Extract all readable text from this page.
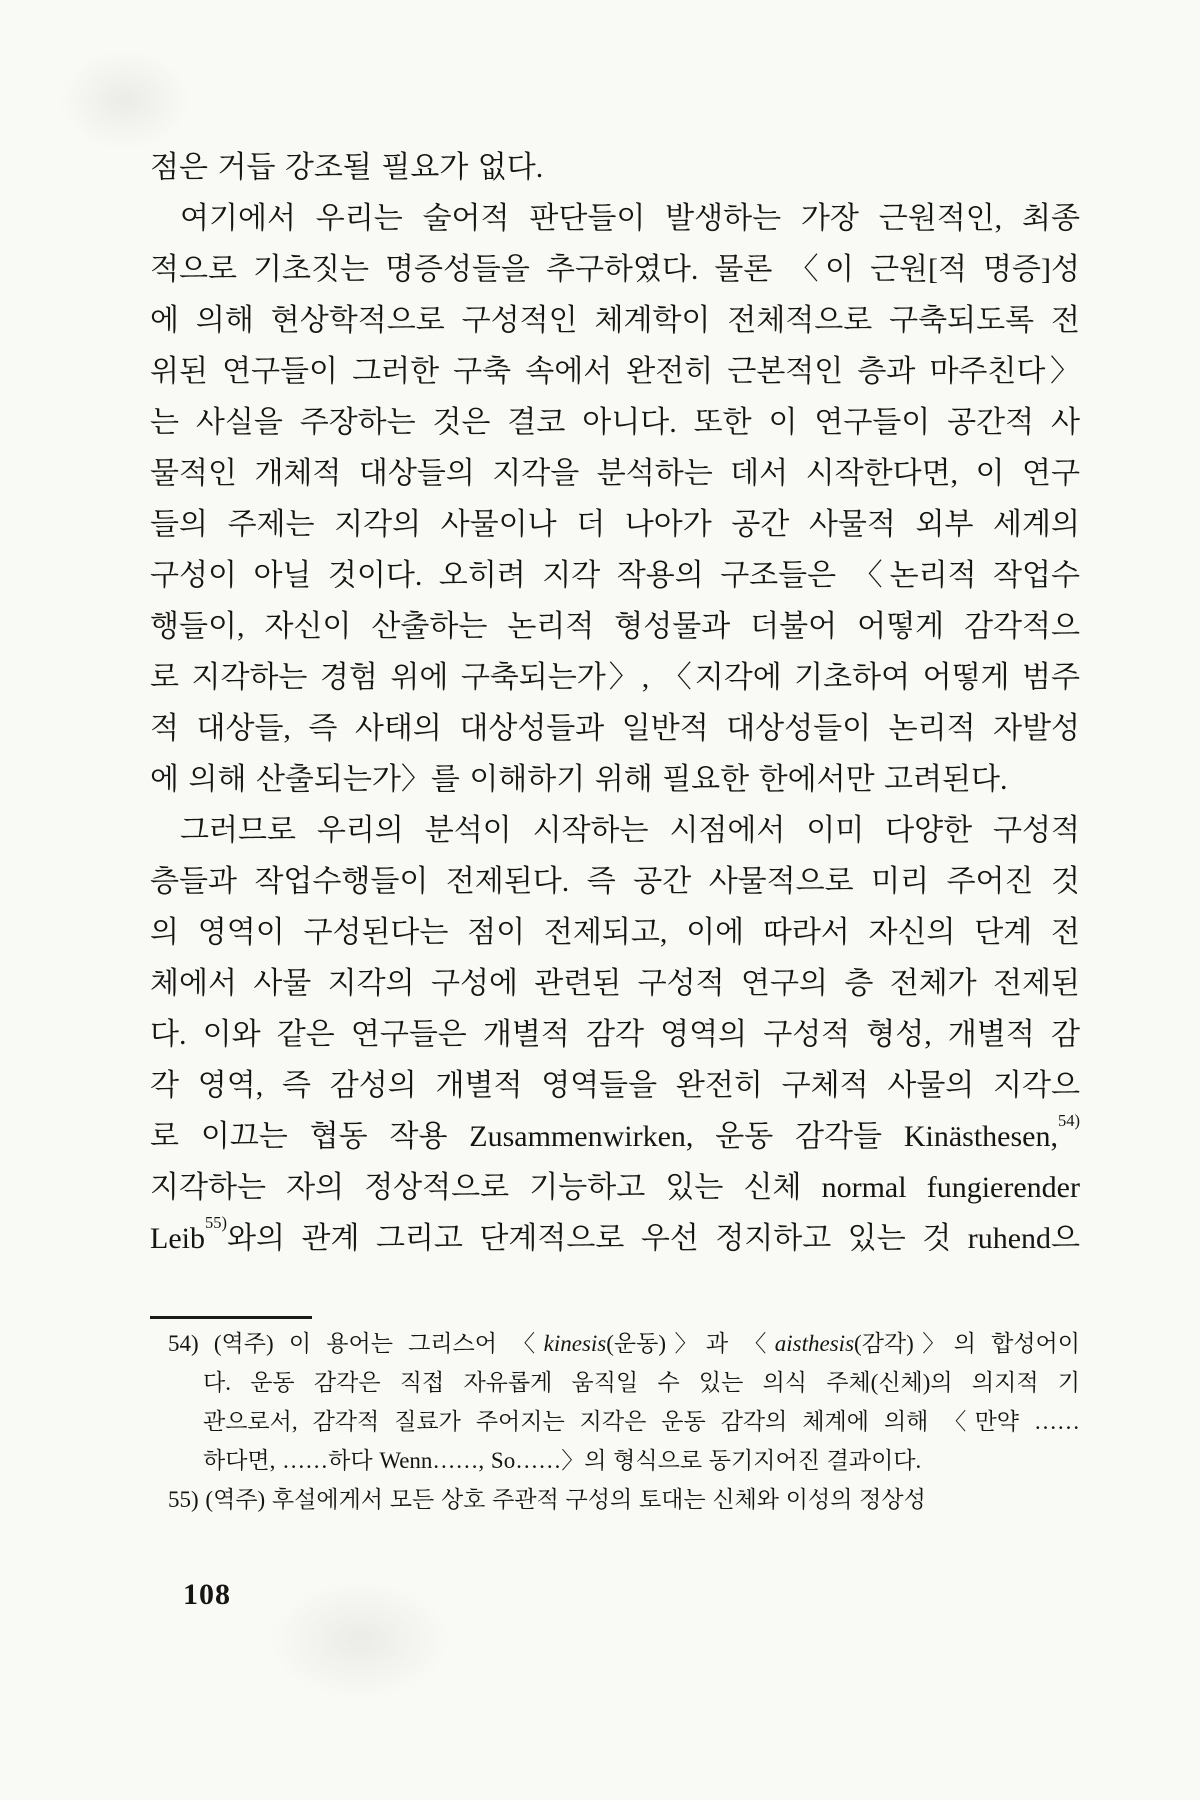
점은 거듭 강조될 필요가 없다.
여기에서 우리는 술어적 판단들이 발생하는 가장 근원적인, 최종
적으로 기초짓는 명증성들을 추구하였다. 물론 〈이 근원[적 명증]성
에 의해 현상학적으로 구성적인 체계학이 전체적으로 구축되도록 전
위된 연구들이 그러한 구축 속에서 완전히 근본적인 층과 마주친다〉
는 사실을 주장하는 것은 결코 아니다. 또한 이 연구들이 공간적 사
물적인 개체적 대상들의 지각을 분석하는 데서 시작한다면, 이 연구
들의 주제는 지각의 사물이나 더 나아가 공간 사물적 외부 세계의
구성이 아닐 것이다. 오히려 지각 작용의 구조들은 〈논리적 작업수
행들이, 자신이 산출하는 논리적 형성물과 더불어 어떻게 감각적으
로 지각하는 경험 위에 구축되는가〉, 〈지각에 기초하여 어떻게 범주
적 대상들, 즉 사태의 대상성들과 일반적 대상성들이 논리적 자발성
에 의해 산출되는가〉를 이해하기 위해 필요한 한에서만 고려된다.
그러므로 우리의 분석이 시작하는 시점에서 이미 다양한 구성적
층들과 작업수행들이 전제된다. 즉 공간 사물적으로 미리 주어진 것
의 영역이 구성된다는 점이 전제되고, 이에 따라서 자신의 단계 전
체에서 사물 지각의 구성에 관련된 구성적 연구의 층 전체가 전제된
다. 이와 같은 연구들은 개별적 감각 영역의 구성적 형성, 개별적 감
각 영역, 즉 감성의 개별적 영역들을 완전히 구체적 사물의 지각으
로 이끄는 협동 작용 Zusammenwirken, 운동 감각들 Kinästhesen,$^{54)}$
지각하는 자의 정상적으로 기능하고 있는 신체 normal fungierender
Leib$^{55)}$와의 관계 그리고 단계적으로 우선 정지하고 있는 것 ruhend으
54) (역주) 이 용어는 그리스어 〈kinesis(운동)〉과 〈aisthesis(감각)〉의 합성어이
다. 운동 감각은 직접 자유롭게 움직일 수 있는 의식 주체(신체)의 의지적 기
관으로서, 감각적 질료가 주어지는 지각은 운동 감각의 체계에 의해 〈만약 ……
하다면, ……하다 Wenn……, So……〉의 형식으로 동기지어진 결과이다.
55) (역주) 후설에게서 모든 상호 주관적 구성의 토대는 신체와 이성의 정상성
108
